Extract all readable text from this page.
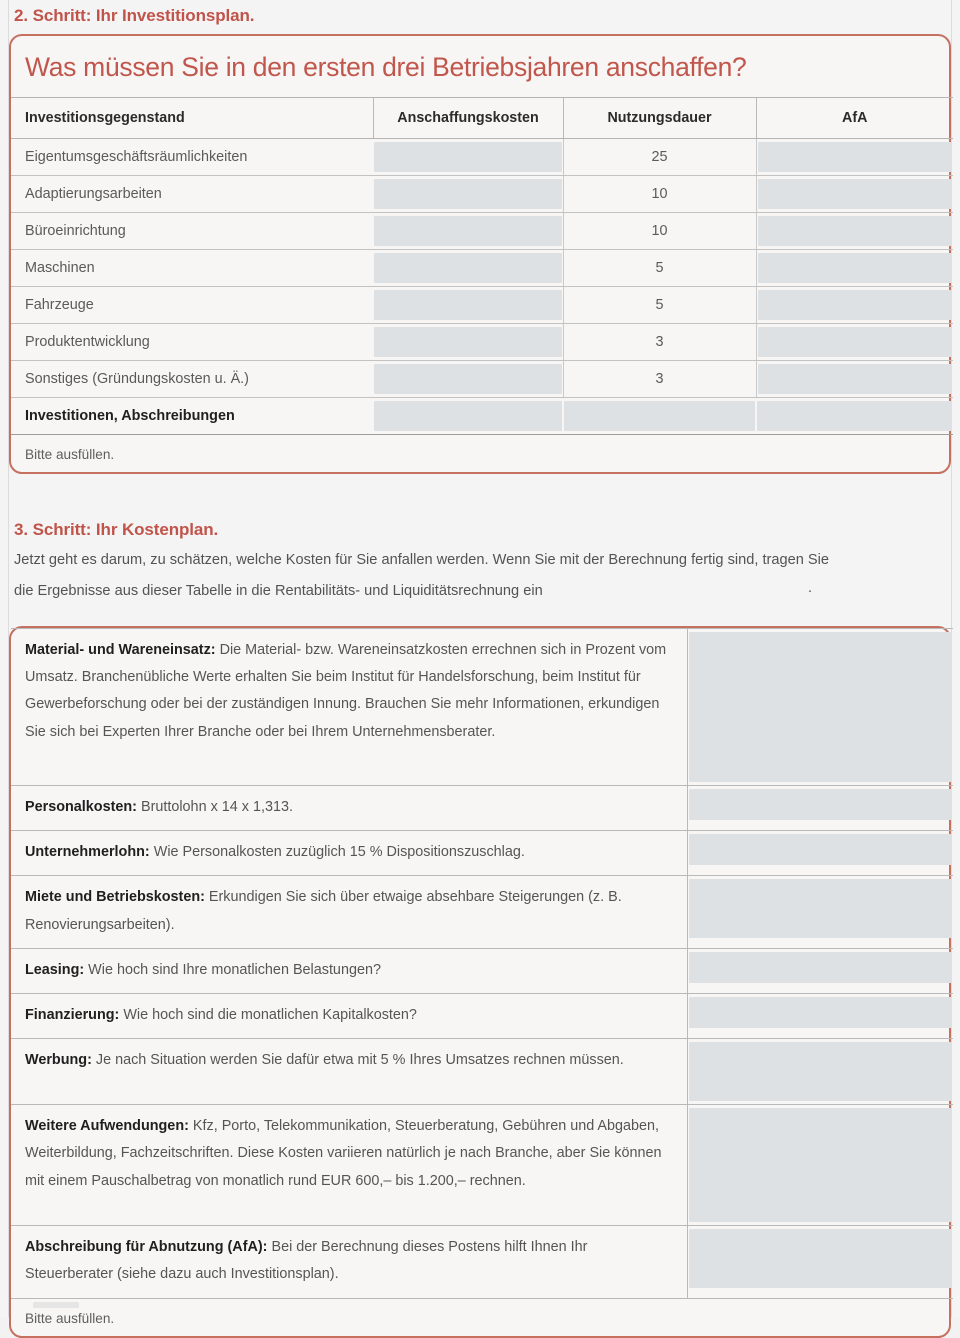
2. Schritt: Ihr Investitionsplan.
Was müssen Sie in den ersten drei Betriebsjahren anschaffen?
Investitionsgegenstand	Anschaffungskosten	Nutzungsdauer	AfA
Eigentumsgeschäftsräumlichkeiten		25	

Adaptierungsarbeiten		10	

Büroeinrichtung		10	

Maschinen		5	

Fahrzeuge		5	

Produktentwicklung		3	

Sonstiges (Gründungskosten u. Ä.)		3	

Investitionen, Abschreibungen	

Bitte ausfüllen.
3. Schritt: Ihr Kostenplan.
Jetzt geht es darum, zu schätzen, welche Kosten für Sie anfallen werden. Wenn Sie mit der Berechnung fertig sind, tragen Sie
die Ergebnisse aus dieser Tabelle in die Rentabilitäts- und Liquiditätsrechnung ein	.
Material- und Wareneinsatz: Die Material- bzw. Wareneinsatzkosten errechnen sich in Prozent vom Umsatz. Branchenübliche Werte erhalten Sie beim Institut für Handelsforschung, beim Institut für Gewerbeforschung oder bei der zuständigen Innung. Brauchen Sie mehr Informationen, erkundigen Sie sich bei Experten Ihrer Branche oder bei Ihrem Unternehmensberater.	

Personalkosten: Bruttolohn x 14 x 1,313.	

Unternehmerlohn: Wie Personalkosten zuzüglich 15 % Dispositionszuschlag.	

Miete und Betriebskosten: Erkundigen Sie sich über etwaige absehbare Steigerungen (z. B. Renovierungsarbeiten).	

Leasing: Wie hoch sind Ihre monatlichen Belastungen?	

Finanzierung: Wie hoch sind die monatlichen Kapitalkosten?	

Werbung: Je nach Situation werden Sie dafür etwa mit 5 % Ihres Umsatzes rechnen müssen.	

Weitere Aufwendungen: Kfz, Porto, Telekommunikation, Steuerberatung, Gebühren und Abgaben, Weiterbildung, Fachzeitschriften. Diese Kosten variieren natürlich je nach Branche, aber Sie können mit einem Pauschalbetrag von monatlich rund EUR 600,– bis 1.200,– rechnen.	

Abschreibung für Abnutzung (AfA): Bei der Berechnung dieses Postens hilft Ihnen Ihr Steuerberater (siehe dazu auch Investitionsplan).	
Bitte ausfüllen.
